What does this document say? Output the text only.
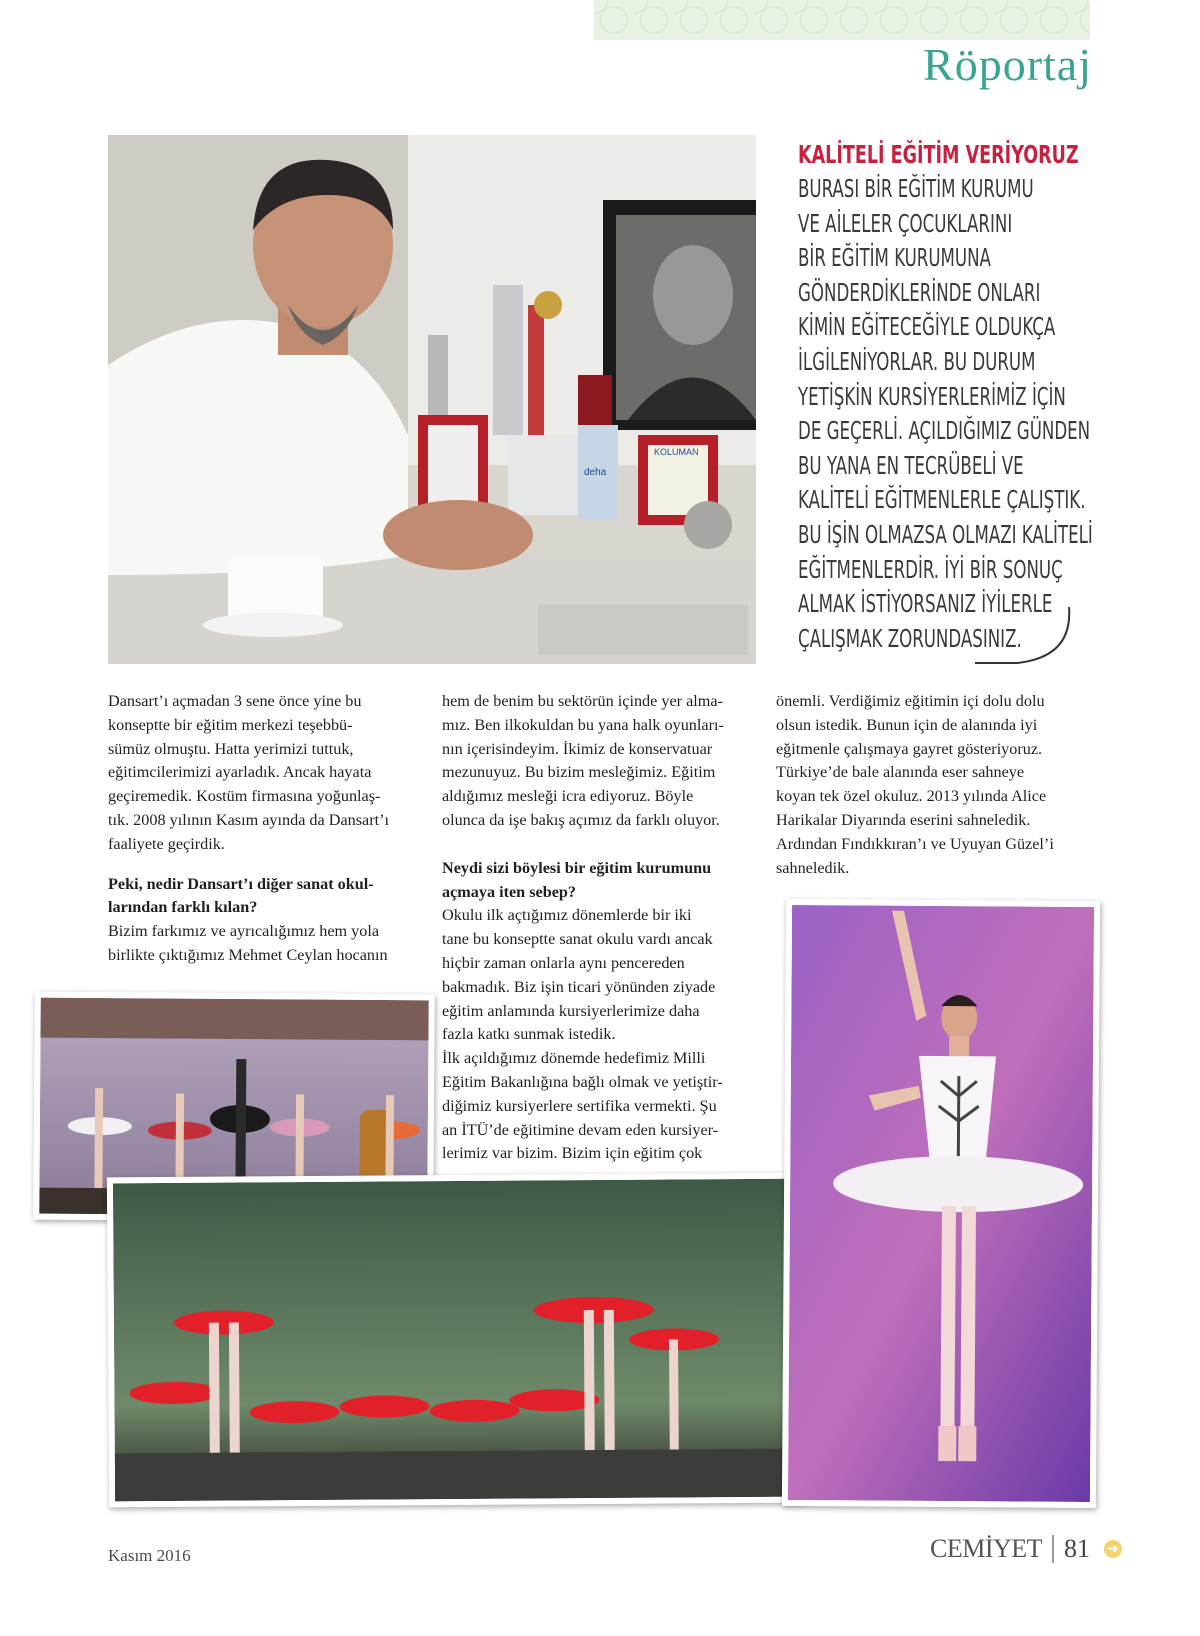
Röportaj
KOLUMAN
deha
KALİTELİ EĞİTİM VERİYORUZ
BURASI BİR EĞİTİM KURUMU
VE AİLELER ÇOCUKLARINI
BİR EĞİTİM KURUMUNA
GÖNDERDİKLERİNDE ONLARI
KİMİN EĞİTECEĞİYLE OLDUKÇA
İLGİLENİYORLAR. BU DURUM
YETİŞKİN KURSİYERLERİMİZ İÇİN
DE GEÇERLİ. AÇILDIĞIMIZ GÜNDEN
BU YANA EN TECRÜBELİ VE
KALİTELİ EĞİTMENLERLE ÇALIŞTIK.
BU İŞİN OLMAZSA OLMAZI KALİTELİ
EĞİTMENLERDİR. İYİ BİR SONUÇ
ALMAK İSTİYORSANIZ İYİLERLE
ÇALIŞMAK ZORUNDASINIZ.

Dansart’ı açmadan 3 sene önce yine bu

konseptte bir eğitim merkezi teşebbü-

sümüz olmuştu. Hatta yerimizi tuttuk,

eğitimcilerimizi ayarladık. Ancak hayata

geçiremedik. Kostüm firmasına yoğunlaş-

tık. 2008 yılının Kasım ayında da Dansart’ı

faaliyete geçirdik.

Peki, nedir Dansart’ı diğer sanat okul-

larından farklı kılan?

Bizim farkımız ve ayrıcalığımız hem yola

birlikte çıktığımız Mehmet Ceylan hocanın

hem de benim bu sektörün içinde yer alma-

mız. Ben ilkokuldan bu yana halk oyunları-

nın içerisindeyim. İkimiz de konservatuar

mezunuyuz. Bu bizim mesleğimiz. Eğitim

aldığımız mesleği icra ediyoruz. Böyle

olunca da işe bakış açımız da farklı oluyor.

Neydi sizi böylesi bir eğitim kurumunu

açmaya iten sebep?

Okulu ilk açtığımız dönemlerde bir iki

tane bu konseptte sanat okulu vardı ancak

hiçbir zaman onlarla aynı pencereden

bakmadık. Biz işin ticari yönünden ziyade

eğitim anlamında kursiyerlerimize daha

fazla katkı sunmak istedik.

İlk açıldığımız dönemde hedefimiz Milli

Eğitim Bakanlığına bağlı olmak ve yetiştir-

diğimiz kursiyerlere sertifika vermekti. Şu

an İTÜ’de eğitimine devam eden kursiyer-

lerimiz var bizim. Bizim için eğitim çok

önemli. Verdiğimiz eğitimin içi dolu dolu

olsun istedik. Bunun için de alanında iyi

eğitmenle çalışmaya gayret gösteriyoruz.

Türkiye’de bale alanında eser sahneye

koyan tek özel okuluz. 2013 yılında Alice

Harikalar Diyarında eserini sahneledik.

Ardından Fındıkkıran’ı ve Uyuyan Güzel’i

sahneledik.

Kasım 2016	CEMİYET 81 ➜
